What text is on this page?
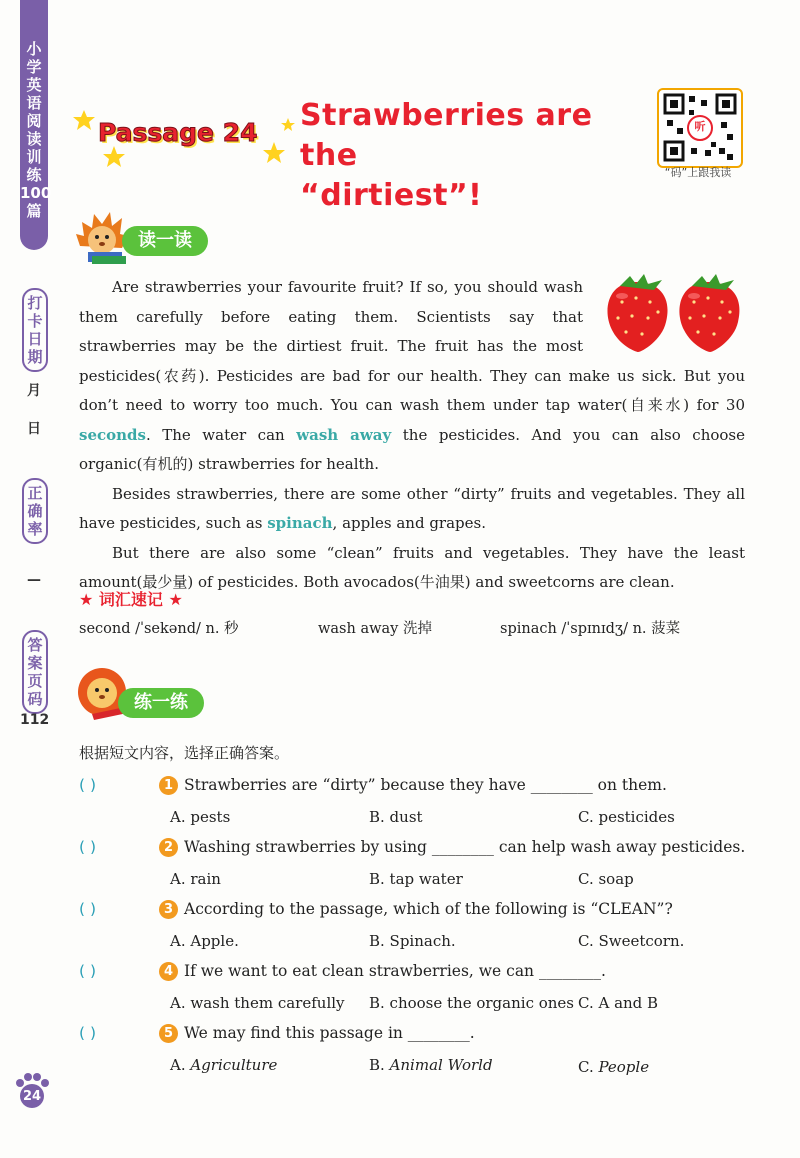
小学英语阅读训练100篇
打卡日期
月
日
正确率
—
答案页码
112
Passage 24 Strawberries are the
“dirtiest”!
听
“码”上跟我读
读一读

Are strawberries your favourite fruit? If so, you should wash them carefully before eating them. Scientists say that strawberries may be the dirtiest fruit. The fruit has the most pesticides(农药). Pesticides are bad for our health. They can make us sick. But you don’t need to worry too much. You can wash them under tap water(自来水) for 30 seconds. The water can wash away the pesticides. And you can also choose organic(有机的) strawberries for health.

Besides strawberries, there are some other “dirty” fruits and vegetables. They all have pesticides, such as spinach, apples and grapes.

But there are also some “clean” fruits and vegetables. They have the least amount(最少量) of pesticides. Both avocados(牛油果) and sweetcorns are clean.

★ 词汇速记 ★
second /ˈsekənd/ n. 秒	wash away 洗掉	spinach /ˈspɪnɪdʒ/ n. 菠菜
练一练
根据短文内容，选择正确答案。
( )	1 Strawberries are “dirty” because they have ________ on them.
A. pests	B. dust	C. pesticides
( )	2 Washing strawberries by using ________ can help wash away pesticides.
A. rain	B. tap water	C. soap
( )	3 According to the passage, which of the following is “CLEAN”?
A. Apple.	B. Spinach.	C. Sweetcorn.
( )	4 If we want to eat clean strawberries, we can ________.
A. wash them carefully B. choose the organic ones C. A and B
( )	5 We may find this passage in ________.
A. Agriculture	B. Animal World	C. People
24
